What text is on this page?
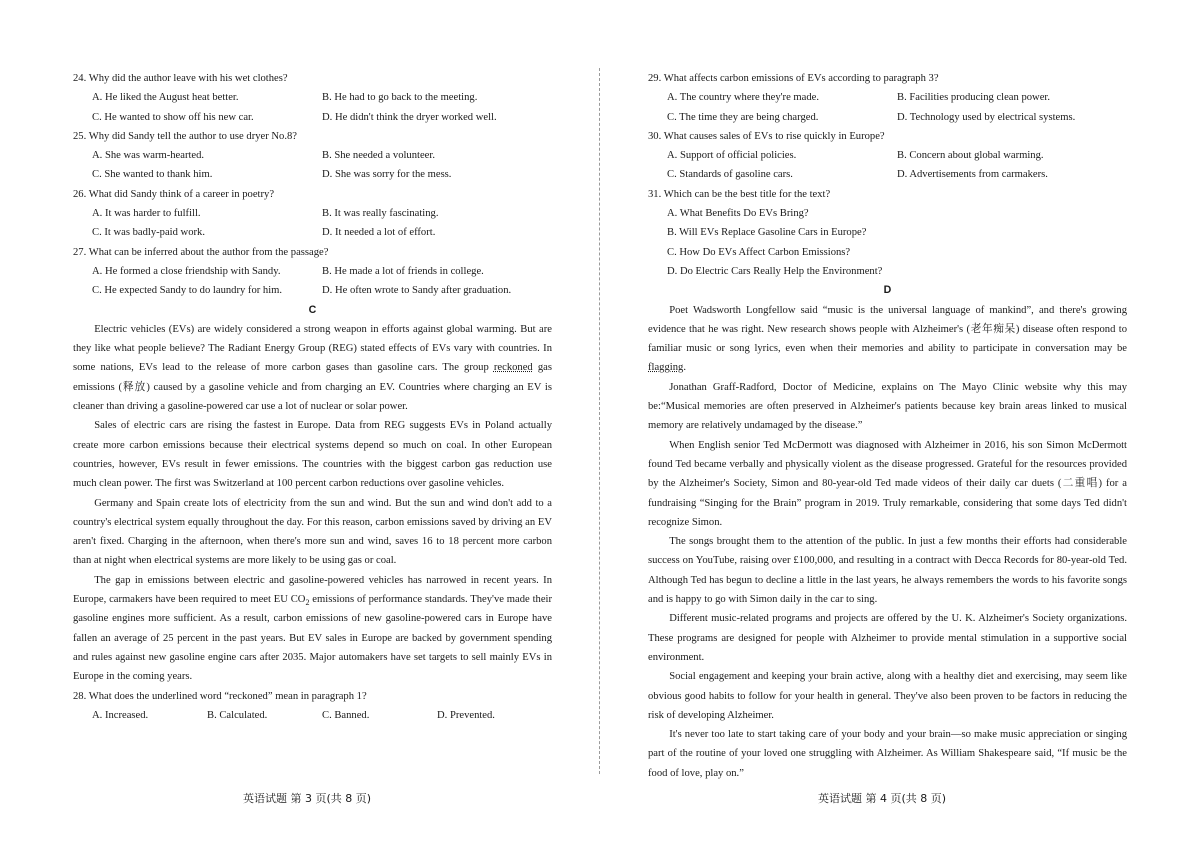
24. Why did the author leave with his wet clothes?

A. He liked the August heat better.	B. He had to go back to the meeting.
C. He wanted to show off his new car.	D. He didn't think the dryer worked well.

25. Why did Sandy tell the author to use dryer No.8?

A. She was warm-hearted.	B. She needed a volunteer.
C. She wanted to thank him.	D. She was sorry for the mess.

26. What did Sandy think of a career in poetry?

A. It was harder to fulfill.	B. It was really fascinating.
C. It was badly-paid work.	D. It needed a lot of effort.

27. What can be inferred about the author from the passage?

A. He formed a close friendship with Sandy.	B. He made a lot of friends in college.
C. He expected Sandy to do laundry for him.	D. He often wrote to Sandy after graduation.

C

Electric vehicles (EVs) are widely considered a strong weapon in efforts against global warming. But are they like what people believe? The Radiant Energy Group (REG) stated effects of EVs vary with countries. In some nations, EVs lead to the release of more carbon gases than gasoline cars. The group reckoned gas emissions (释放) caused by a gasoline vehicle and from charging an EV. Countries where charging an EV is cleaner than driving a gasoline-powered car use a lot of nuclear or solar power.

Sales of electric cars are rising the fastest in Europe. Data from REG suggests EVs in Poland actually create more carbon emissions because their electrical systems depend so much on coal. In other European countries, however, EVs result in fewer emissions. The countries with the biggest carbon gas reduction use much clean power. The first was Switzerland at 100 percent carbon reductions over gasoline vehicles.

Germany and Spain create lots of electricity from the sun and wind. But the sun and wind don't add to a country's electrical system equally throughout the day. For this reason, carbon emissions saved by driving an EV aren't fixed. Charging in the afternoon, when there's more sun and wind, saves 16 to 18 percent more carbon than at night when electrical systems are more likely to be using gas or coal.

The gap in emissions between electric and gasoline-powered vehicles has narrowed in recent years. In Europe, carmakers have been required to meet EU $CO_2$ emissions of performance standards. They've made their gasoline engines more sufficient. As a result, carbon emissions of new gasoline-powered cars in Europe have fallen an average of 25 percent in the past years. But EV sales in Europe are backed by government spending and rules against new gasoline engine cars after 2035. Major automakers have set targets to sell mainly EVs in Europe in the coming years.

28. What does the underlined word “reckoned” mean in paragraph 1?

A. Increased.	B. Calculated.	C. Banned.	D. Prevented.

29. What affects carbon emissions of EVs according to paragraph 3?

A. The country where they're made.	B. Facilities producing clean power.
C. The time they are being charged.	D. Technology used by electrical systems.

30. What causes sales of EVs to rise quickly in Europe?

A. Support of official policies.	B. Concern about global warming.
C. Standards of gasoline cars.	D. Advertisements from carmakers.

31. Which can be the best title for the text?

A. What Benefits Do EVs Bring?
B. Will EVs Replace Gasoline Cars in Europe?
C. How Do EVs Affect Carbon Emissions?
D. Do Electric Cars Really Help the Environment?

D

Poet Wadsworth Longfellow said “music is the universal language of mankind”, and there's growing evidence that he was right. New research shows people with Alzheimer's (老年痴呆) disease often respond to familiar music or song lyrics, even when their memories and ability to participate in conversation may be flagging.

Jonathan Graff-Radford, Doctor of Medicine, explains on The Mayo Clinic website why this may be:“Musical memories are often preserved in Alzheimer's patients because key brain areas linked to musical memory are relatively undamaged by the disease.”

When English senior Ted McDermott was diagnosed with Alzheimer in 2016, his son Simon McDermott found Ted became verbally and physically violent as the disease progressed. Grateful for the resources provided by the Alzheimer's Society, Simon and 80-year-old Ted made videos of their daily car duets (二重唱) for a fundraising “Singing for the Brain” program in 2019. Truly remarkable, considering that some days Ted didn't recognize Simon.

The songs brought them to the attention of the public. In just a few months their efforts had considerable success on YouTube, raising over £100,000, and resulting in a contract with Decca Records for 80-year-old Ted. Although Ted has begun to decline a little in the last years, he always remembers the words to his favorite songs and is happy to go with Simon daily in the car to sing.

Different music-related programs and projects are offered by the U. K. Alzheimer's Society organizations. These programs are designed for people with Alzheimer to provide mental stimulation in a supportive social environment.

Social engagement and keeping your brain active, along with a healthy diet and exercising, may seem like obvious good habits to follow for your health in general. They've also been proven to be factors in reducing the risk of developing Alzheimer.

It's never too late to start taking care of your body and your brain—so make music appreciation or singing part of the routine of your loved one struggling with Alzheimer. As William Shakespeare said, “If music be the food of love, play on.”

英语试题 第 3 页(共 8 页)	英语试题 第 4 页(共 8 页)
